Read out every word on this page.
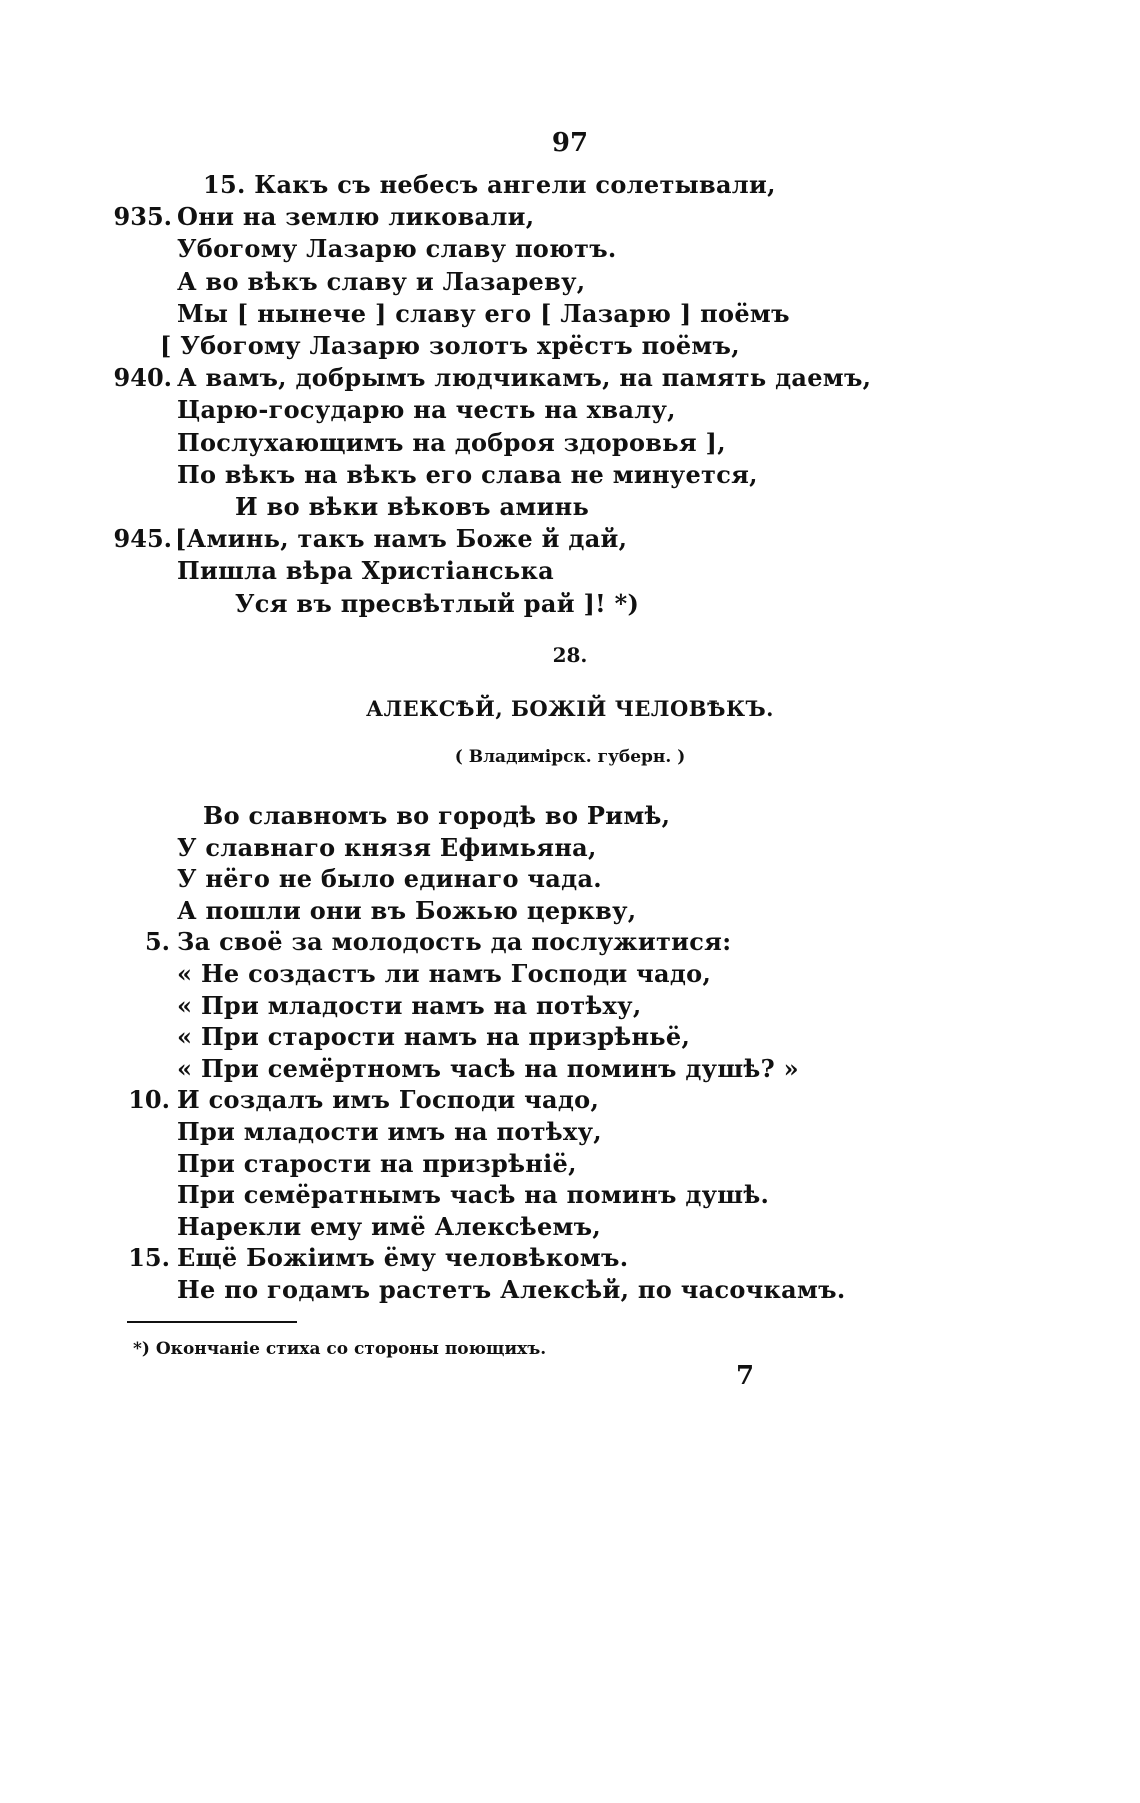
97
15. Какъ съ небесъ ангели солетывали,
Они на землю ликовали,
935.
Убогому Лазарю славу поютъ.
А во вѣкъ славу и Лазареву,
Мы [ нынече ] славу его [ Лазарю ] поёмъ
[ Убогому Лазарю золотъ хрёстъ поёмъ,
А вамъ, добрымъ людчикамъ, на память даемъ,
940.
Царю-государю на честь на хвалу,
Послухающимъ на доброя здоровья ],
По вѣкъ на вѣкъ его слава не минуется,
И во вѣки вѣковъ аминь
[Аминь, такъ намъ Боже й дай,
945.
Пишла вѣра Христіанська
Уся въ пресвѣтлый рай ]! *)
28.
АЛЕКСѢЙ, БОЖІЙ ЧЕЛОВѢКЪ.
( Владимірск. губерн. )
Во славномъ во городѣ во Римѣ,
У славнаго князя Ефимьяна,
У нёго не было единаго чада.
А пошли они въ Божью церкву,
За своё за молодость да послужитися:
5.
« Не создастъ ли намъ Господи чадо,
« При младости намъ на потѣху,
« При старости намъ на призрѣньё,
« При семёртномъ часѣ на поминъ душѣ? »
И создалъ имъ Господи чадо,
10.
При младости имъ на потѣху,
При старости на призрѣніё,
При семёратнымъ часѣ на поминъ душѣ.
Нарекли ему имё Алексѣемъ,
Ещё Божіимъ ёму человѣкомъ.
15.
Не по годамъ растетъ Алексѣй, по часочкамъ.
*) Окончаніе стиха со стороны поющихъ.
7
